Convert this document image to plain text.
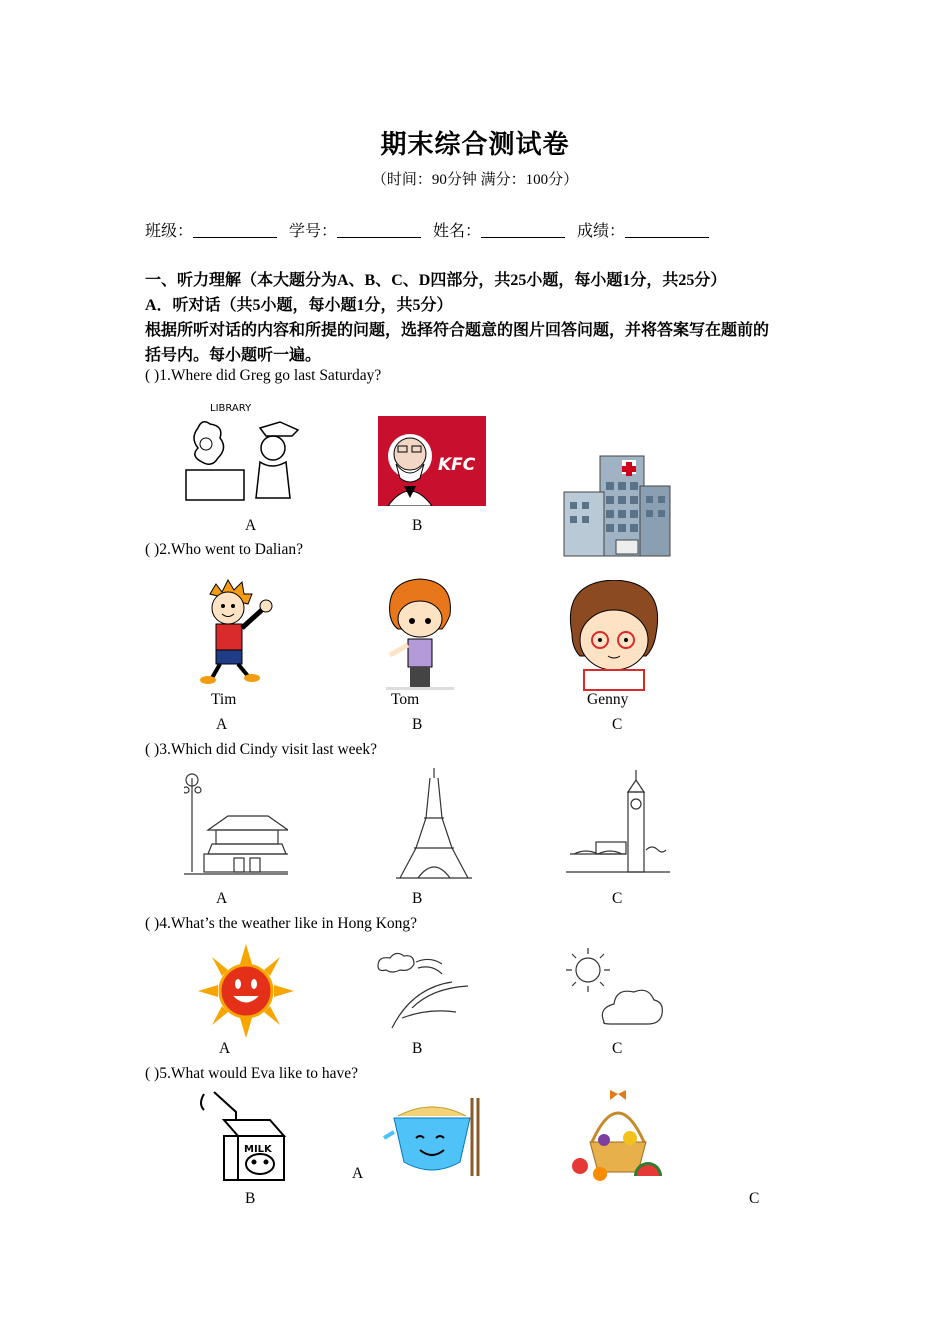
期末综合测试卷
（时间：90分钟 满分：100分）
班级：	学号：	姓名：	成绩：
一、听力理解（本大题分为A、B、C、D四部分，共25小题，每小题1分，共25分）
A．听对话（共5小题，每小题1分，共5分）
根据所听对话的内容和所提的问题，选择符合题意的图片回答问题，并将答案写在题前的
括号内。每小题听一遍。
( )1.Where did Greg go last Saturday?
LIBRARY
KFC
A	B
( )2.Who went to Dalian?
Tim	Tom	Genny
A	B	C
( )3.Which did Cindy visit last week?
A	B	C
( )4.What’s the weather like in Hong Kong?
A	B	C
( )5.What would Eva like to have?
MILK
A
B	C
